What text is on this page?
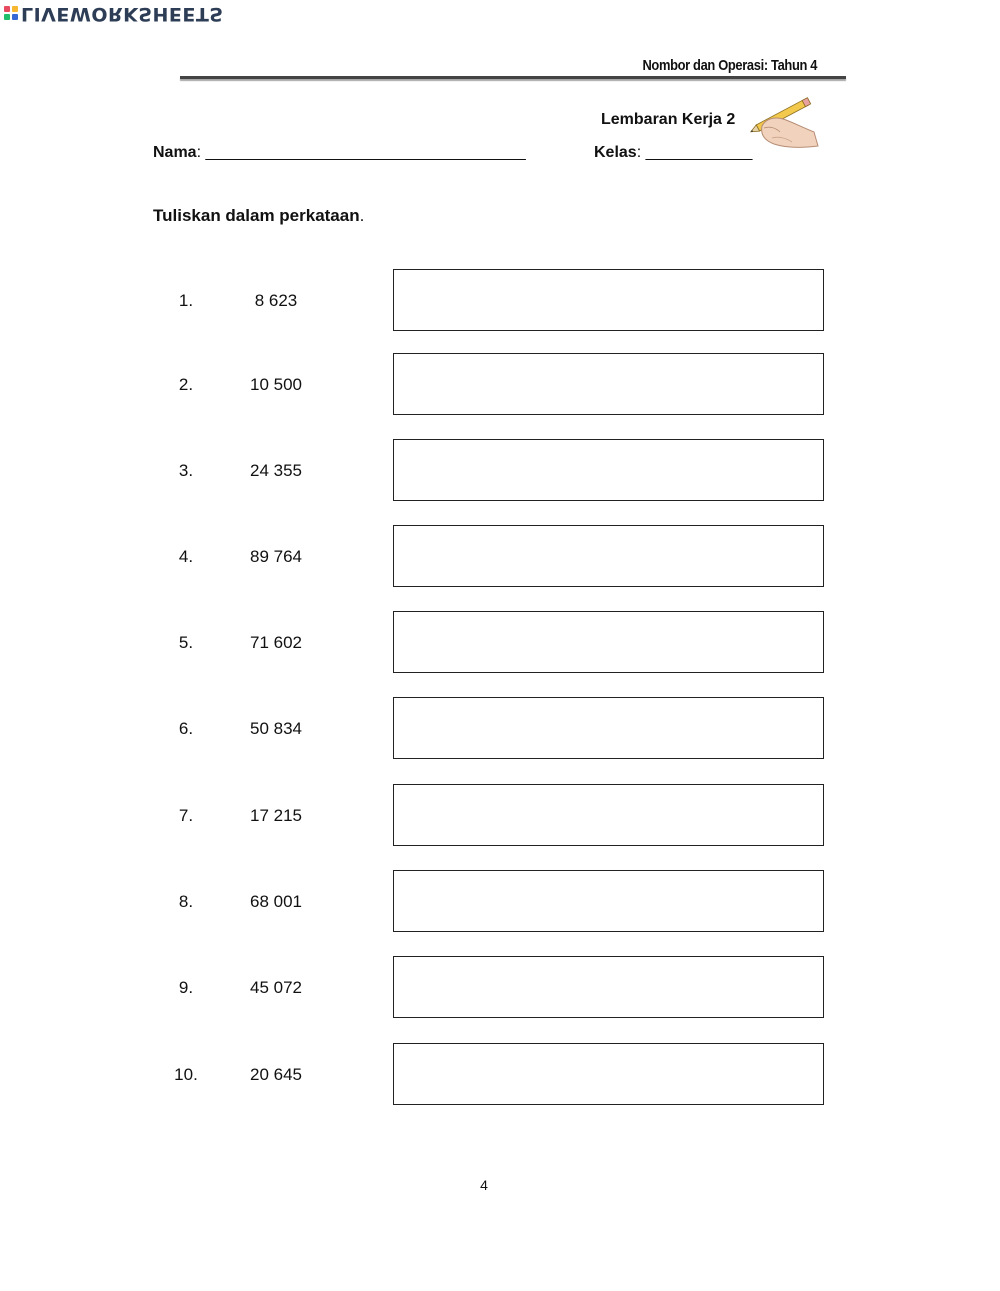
LIVEWORKSHEETS
Nombor dan Operasi: Tahun 4
Lembaran Kerja 2
Nama: ____________________________________	Kelas: ____________
Tuliskan dalam perkataan.
1.	8 623
2.	10 500
3.	24 355
4.	89 764
5.	71 602
6.	50 834
7.	17 215
8.	68 001
9.	45 072
10.	20 645
4
